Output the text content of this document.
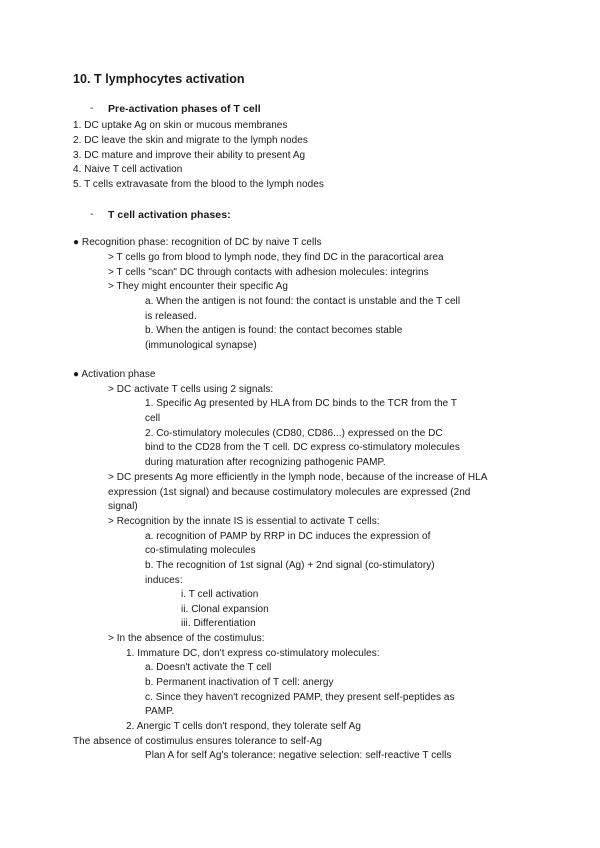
10. T lymphocytes activation
- Pre-activation phases of T cell
1. DC uptake Ag on skin or mucous membranes
2. DC leave the skin and migrate to the lymph nodes
3. DC mature and improve their ability to present Ag
4. Naive T cell activation
5. T cells extravasate from the blood to the lymph nodes
- T cell activation phases:
● Recognition phase: recognition of DC by naive T cells
> T cells go from blood to lymph node, they find DC in the paracortical area
> T cells "scan" DC through contacts with adhesion molecules: integrins
> They might encounter their specific Ag
a. When the antigen is not found: the contact is unstable and the T cell
is released.
b. When the antigen is found: the contact becomes stable
(immunological synapse)
● Activation phase
> DC activate T cells using 2 signals:
1. Specific Ag presented by HLA from DC binds to the TCR from the T
cell
2. Co-stimulatory molecules (CD80, CD86...) expressed on the DC
bind to the CD28 from the T cell. DC express co-stimulatory molecules
during maturation after recognizing pathogenic PAMP.
> DC presents Ag more efficiently in the lymph node, because of the increase of HLA
expression (1st signal) and because costimulatory molecules are expressed (2nd
signal)
> Recognition by the innate IS is essential to activate T cells:
a. recognition of PAMP by RRP in DC induces the expression of
co-stimulating molecules
b. The recognition of 1st signal (Ag) + 2nd signal (co-stimulatory)
induces:
i. T cell activation
ii. Clonal expansion
iii. Differentiation
> In the absence of the costimulus:
1. Immature DC, don't express co-stimulatory molecules:
a. Doesn't activate the T cell
b. Permanent inactivation of T cell: anergy
c. Since they haven't recognized PAMP, they present self-peptides as
PAMP.
2. Anergic T cells don't respond, they tolerate self Ag
The absence of costimulus ensures tolerance to self-Ag
Plan A for self Ag's tolerance: negative selection: self-reactive T cells
